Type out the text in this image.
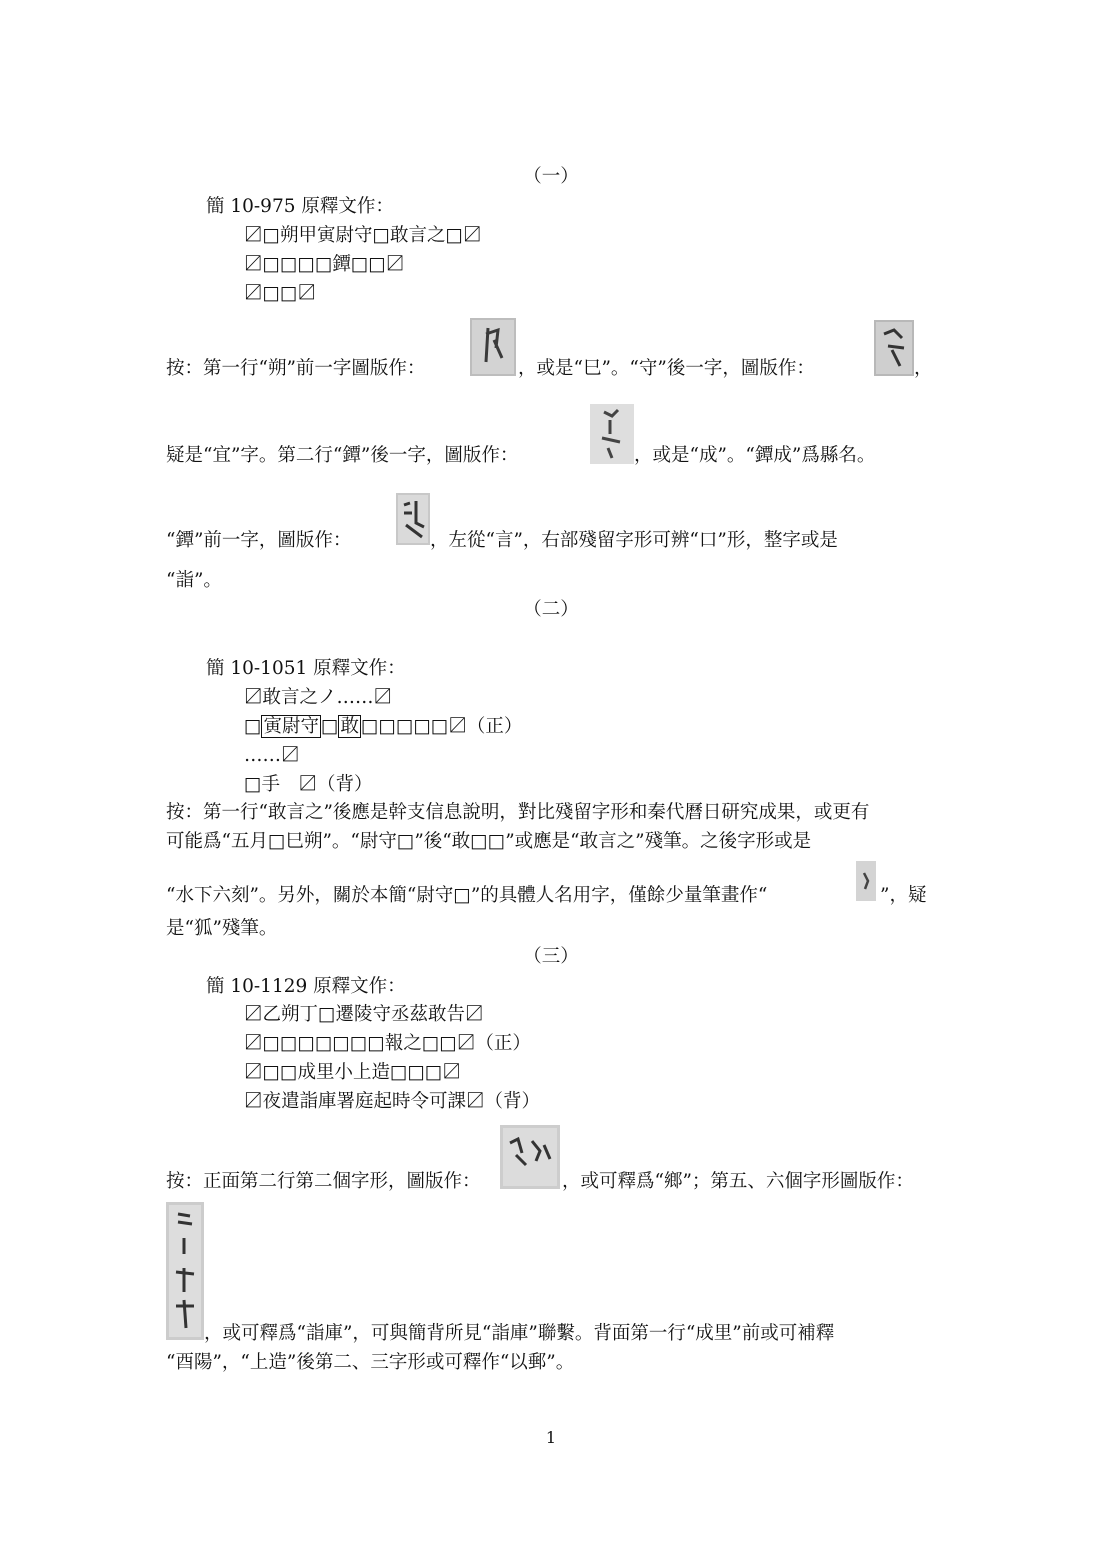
（一）
簡 10-975 原釋文作：
〼□朔甲寅尉守□敢言之□〼
〼□□□□鐔□□〼
〼□□〼
按：第一行“朔”前一字圖版作：	，或是“巳”。“守”後一字，圖版作：	，
疑是“宜”字。第二行“鐔”後一字，圖版作：	，或是“成”。“鐔成”爲縣名。
“鐔”前一字，圖版作：	，左從“言”，右部殘留字形可辨“口”形，整字或是
“詣”。
（二）
簡 10-1051 原釋文作：
〼敢言之ノ……〼
□ 寅尉守 □ 敢 □□□□□〼（正）
……〼
□手　〼（背）
按：第一行“敢言之”後應是幹支信息說明，對比殘留字形和秦代曆日研究成果，或更有
可能爲“五月□巳朔”。“尉守□”後“敢□□”或應是“敢言之”殘筆。之後字形或是
“水下六刻”。另外，關於本簡“尉守□”的具體人名用字，僅餘少量筆畫作“	”，疑
是“狐”殘筆。
（三）
簡 10-1129 原釋文作：
〼乙朔丁□遷陵守丞茲敢告〼
〼□□□□□□□報之□□〼（正）
〼□□成里小上造□□□〼
〼夜遣詣庫署庭起時令可課〼（背）
按：正面第二行第二個字形，圖版作：	，或可釋爲“鄉”；第五、六個字形圖版作：
，或可釋爲“詣庫”，可與簡背所見“詣庫”聯繫。背面第一行“成里”前或可補釋
“酉陽”，“上造”後第二、三字形或可釋作“以郵”。
1
